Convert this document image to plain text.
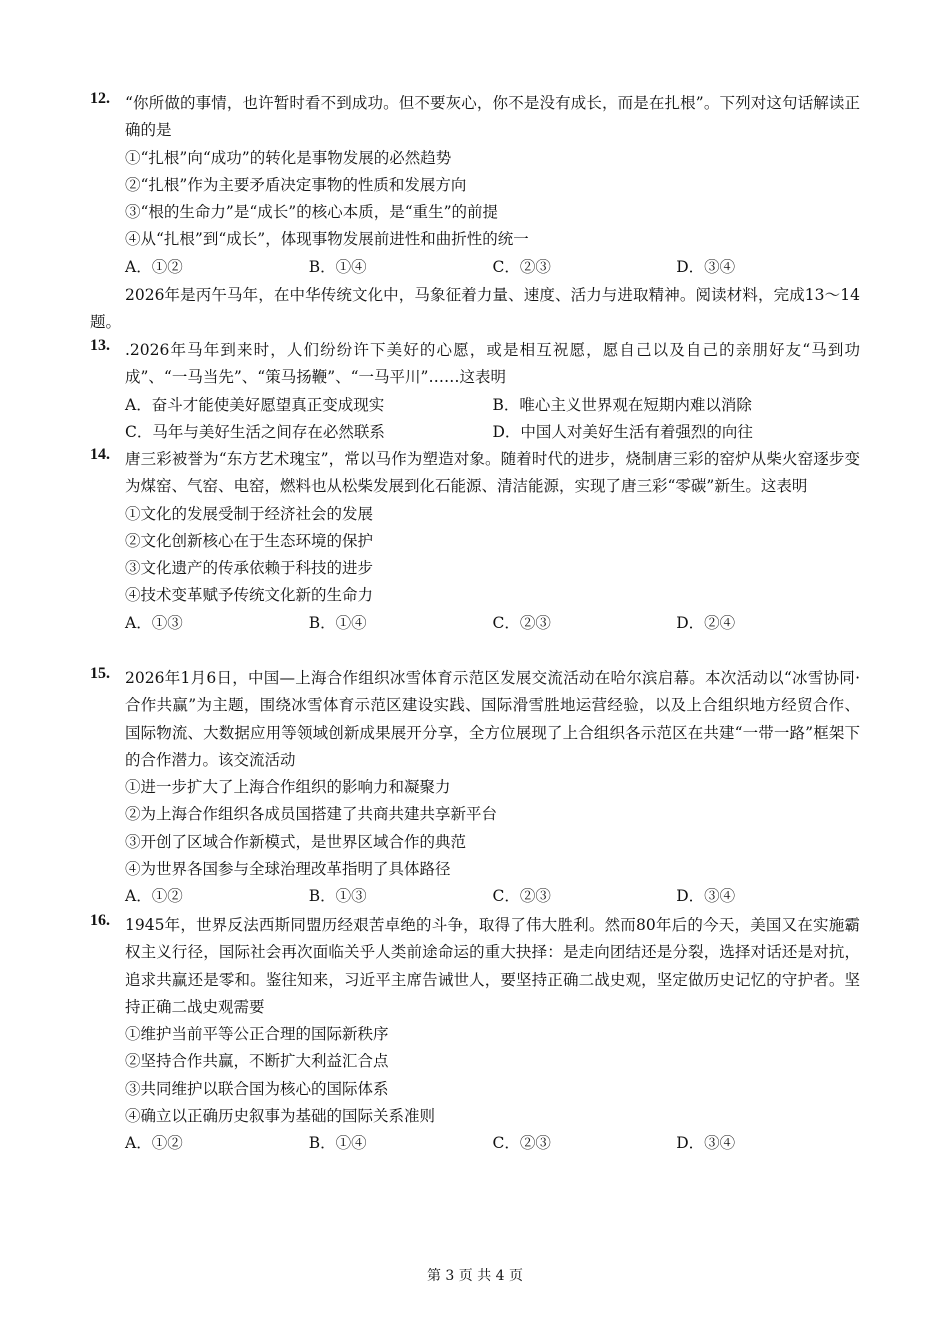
12. “你所做的事情，也许暂时看不到成功。但不要灰心，你不是没有成长，而是在扎根”。下列对这句话解读正确的是
①“扎根”向“成功”的转化是事物发展的必然趋势
②“扎根”作为主要矛盾决定事物的性质和发展方向
③“根的生命力”是“成长”的核心本质，是“重生”的前提
④从“扎根”到“成长”，体现事物发展前进性和曲折性的统一
A．①②	B．①④	C．②③	D．③④
2026年是丙午马年，在中华传统文化中，马象征着力量、速度、活力与进取精神。阅读材料，完成13～14题。
13. .2026年马年到来时，人们纷纷许下美好的心愿，或是相互祝愿，愿自己以及自己的亲朋好友“马到功成”、“一马当先”、“策马扬鞭”、“一马平川”……这表明
A．奋斗才能使美好愿望真正变成现实	B．唯心主义世界观在短期内难以消除
C．马年与美好生活之间存在必然联系	D．中国人对美好生活有着强烈的向往
14. 唐三彩被誉为“东方艺术瑰宝”，常以马作为塑造对象。随着时代的进步，烧制唐三彩的窑炉从柴火窑逐步变为煤窑、气窑、电窑，燃料也从松柴发展到化石能源、清洁能源，实现了唐三彩“零碳”新生。这表明
①文化的发展受制于经济社会的发展
②文化创新核心在于生态环境的保护
③文化遗产的传承依赖于科技的进步
④技术变革赋予传统文化新的生命力
A．①③	B．①④	C．②③	D．②④
15. 2026年1月6日，中国—上海合作组织冰雪体育示范区发展交流活动在哈尔滨启幕。本次活动以“冰雪协同·合作共赢”为主题，围绕冰雪体育示范区建设实践、国际滑雪胜地运营经验，以及上合组织地方经贸合作、国际物流、大数据应用等领域创新成果展开分享，全方位展现了上合组织各示范区在共建“一带一路”框架下的合作潜力。该交流活动
①进一步扩大了上海合作组织的影响力和凝聚力
②为上海合作组织各成员国搭建了共商共建共享新平台
③开创了区域合作新模式，是世界区域合作的典范
④为世界各国参与全球治理改革指明了具体路径
A．①②	B．①③	C．②③	D．③④
16. 1945年，世界反法西斯同盟历经艰苦卓绝的斗争，取得了伟大胜利。然而80年后的今天，美国又在实施霸权主义行径，国际社会再次面临关乎人类前途命运的重大抉择：是走向团结还是分裂，选择对话还是对抗，追求共赢还是零和。鉴往知来，习近平主席告诫世人，要坚持正确二战史观，坚定做历史记忆的守护者。坚持正确二战史观需要
①维护当前平等公正合理的国际新秩序
②坚持合作共赢，不断扩大利益汇合点
③共同维护以联合国为核心的国际体系
④确立以正确历史叙事为基础的国际关系准则
A．①②	B．①④	C．②③	D．③④
第 3 页 共 4 页
